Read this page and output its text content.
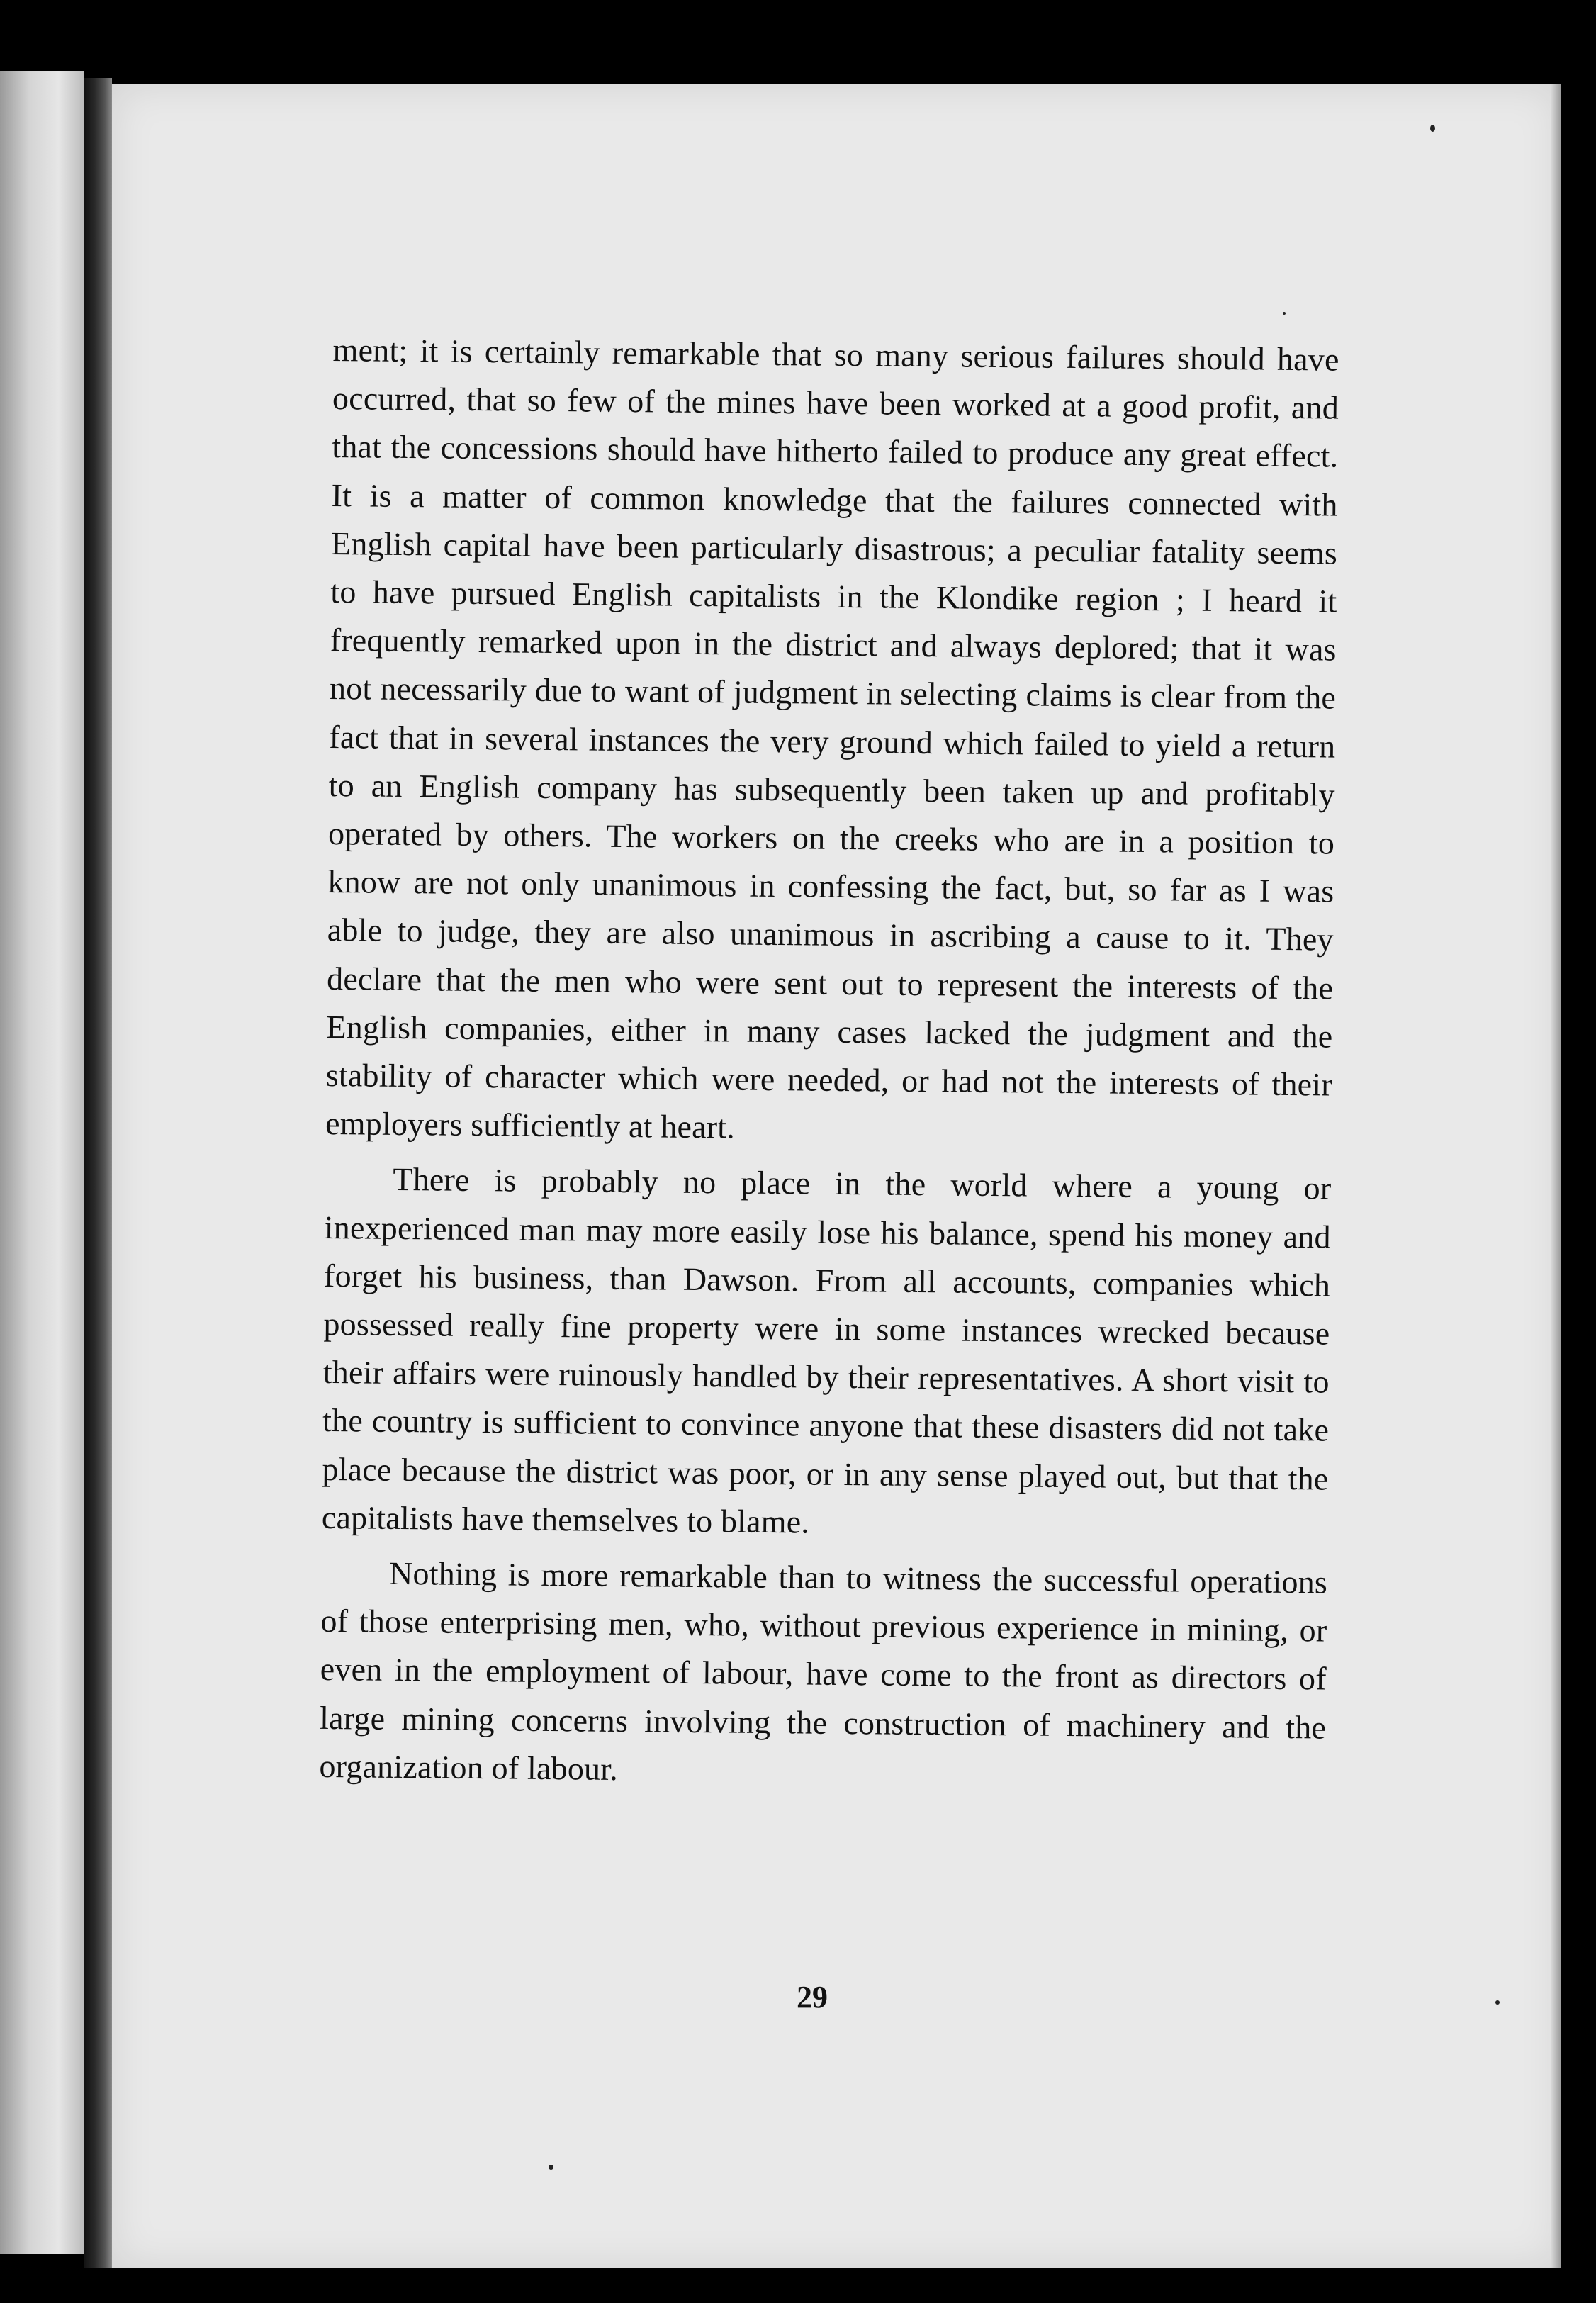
ment; it is certainly remarkable that so many serious failures should have occurred, that so few of the mines have been worked at a good profit, and that the concessions should have hitherto failed to produce any great effect. It is a matter of common knowledge that the failures connected with English capital have been particularly disastrous; a peculiar fatality seems to have pursued English capitalists in the Klondike region ; I heard it frequently remarked upon in the district and always deplored; that it was not necessarily due to want of judgment in selecting claims is clear from the fact that in several instances the very ground which failed to yield a return to an English company has subsequently been taken up and profitably operated by others. The workers on the creeks who are in a position to know are not only unanimous in confessing the fact, but, so far as I was able to judge, they are also unanimous in ascribing a cause to it. They declare that the men who were sent out to represent the interests of the English companies, either in many cases lacked the judgment and the stability of character which were needed, or had not the interests of their employers sufficiently at heart.

There is probably no place in the world where a young or inexperienced man may more easily lose his balance, spend his money and forget his business, than Dawson. From all accounts, companies which possessed really fine property were in some instances wrecked because their affairs were ruinously handled by their representatives. A short visit to the country is sufficient to convince anyone that these disasters did not take place because the district was poor, or in any sense played out, but that the capitalists have themselves to blame.

Nothing is more remarkable than to witness the successful operations of those enterprising men, who, without previous experience in mining, or even in the employment of labour, have come to the front as directors of large mining concerns involving the construction of machinery and the organization of labour.

29
